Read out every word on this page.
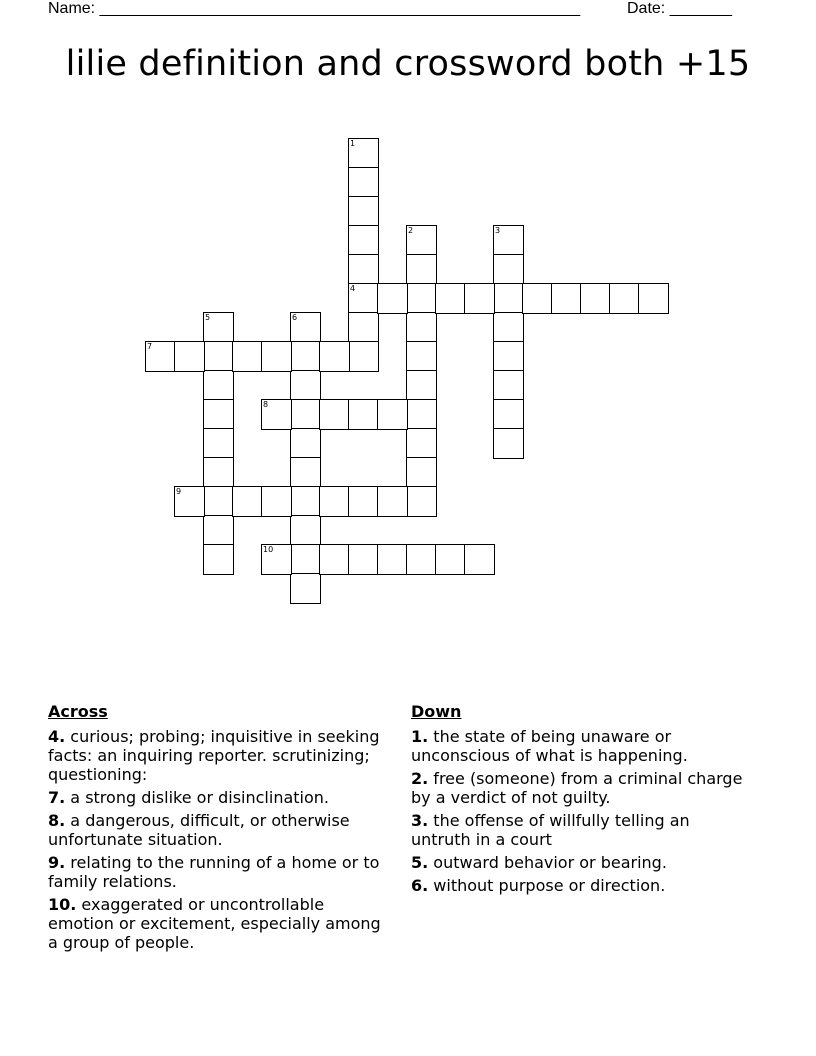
Name: ______________________________________________________	Date: _______
lilie definition and crossword both +15
1
4
2	3
5	6
7
8
9
10
Across
4. curious; probing; inquisitive in seeking facts: an inquiring reporter. scrutinizing; questioning:
7. a strong dislike or disinclination.
8. a dangerous, difficult, or otherwise unfortunate situation.
9. relating to the running of a home or to family relations.
10. exaggerated or uncontrollable emotion or excitement, especially among a group of people.
Down
1. the state of being unaware or unconscious of what is happening.
2. free (someone) from a criminal charge by a verdict of not guilty.
3. the offense of willfully telling an untruth in a court
5. outward behavior or bearing.
6. without purpose or direction.
